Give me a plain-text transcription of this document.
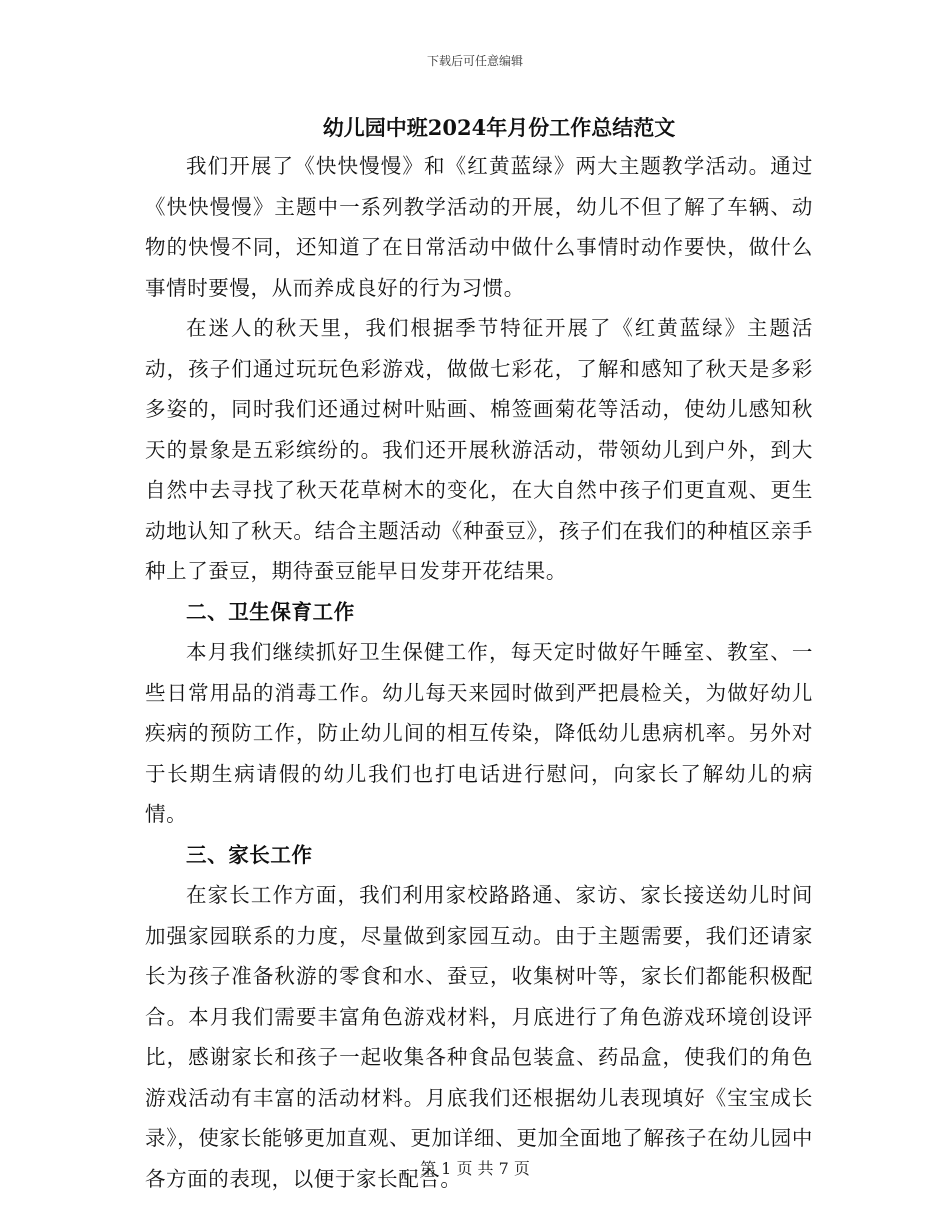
下载后可任意编辑
幼儿园中班2024年月份工作总结范文

我们开展了《快快慢慢》和《红黄蓝绿》两大主题教学活动。通过《快快慢慢》主题中一系列教学活动的开展，幼儿不但了解了车辆、动物的快慢不同，还知道了在日常活动中做什么事情时动作要快，做什么事情时要慢，从而养成良好的行为习惯。

在迷人的秋天里，我们根据季节特征开展了《红黄蓝绿》主题活动，孩子们通过玩玩色彩游戏，做做七彩花，了解和感知了秋天是多彩多姿的，同时我们还通过树叶贴画、棉签画菊花等活动，使幼儿感知秋天的景象是五彩缤纷的。我们还开展秋游活动，带领幼儿到户外，到大自然中去寻找了秋天花草树木的变化，在大自然中孩子们更直观、更生动地认知了秋天。结合主题活动《种蚕豆》，孩子们在我们的种植区亲手种上了蚕豆，期待蚕豆能早日发芽开花结果。

二、卫生保育工作

本月我们继续抓好卫生保健工作，每天定时做好午睡室、教室、一些日常用品的消毒工作。幼儿每天来园时做到严把晨检关，为做好幼儿疾病的预防工作，防止幼儿间的相互传染，降低幼儿患病机率。另外对于长期生病请假的幼儿我们也打电话进行慰问，向家长了解幼儿的病情。

三、家长工作

在家长工作方面，我们利用家校路路通、家访、家长接送幼儿时间加强家园联系的力度，尽量做到家园互动。由于主题需要，我们还请家长为孩子准备秋游的零食和水、蚕豆，收集树叶等，家长们都能积极配合。本月我们需要丰富角色游戏材料，月底进行了角色游戏环境创设评比，感谢家长和孩子一起收集各种食品包装盒、药品盒，使我们的角色游戏活动有丰富的活动材料。月底我们还根据幼儿表现填好《宝宝成长录》，使家长能够更加直观、更加详细、更加全面地了解孩子在幼儿园中各方面的表现，以便于家长配合。

第 1 页 共 7 页
